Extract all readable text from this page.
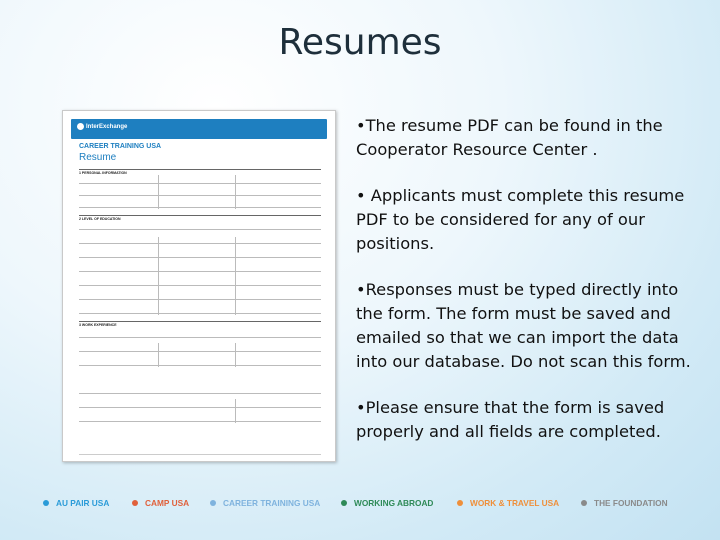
Resumes
InterExchange
CAREER TRAINING USA
Resume
1 PERSONAL INFORMATION
2 LEVEL OF EDUCATION
3 WORK EXPERIENCE
•The resume PDF can be found in the Cooperator Resource Center .
• Applicants must complete this resume PDF to be considered for any of our positions.
•Responses must be typed directly into the form. The form must be saved and emailed so that we can import the data into our database. Do not scan this form.
•Please ensure that the form is saved properly and all fields are completed.
AU PAIR USA	CAMP USA	CAREER TRAINING USA	WORKING ABROAD	WORK & TRAVEL USA	THE FOUNDATION
